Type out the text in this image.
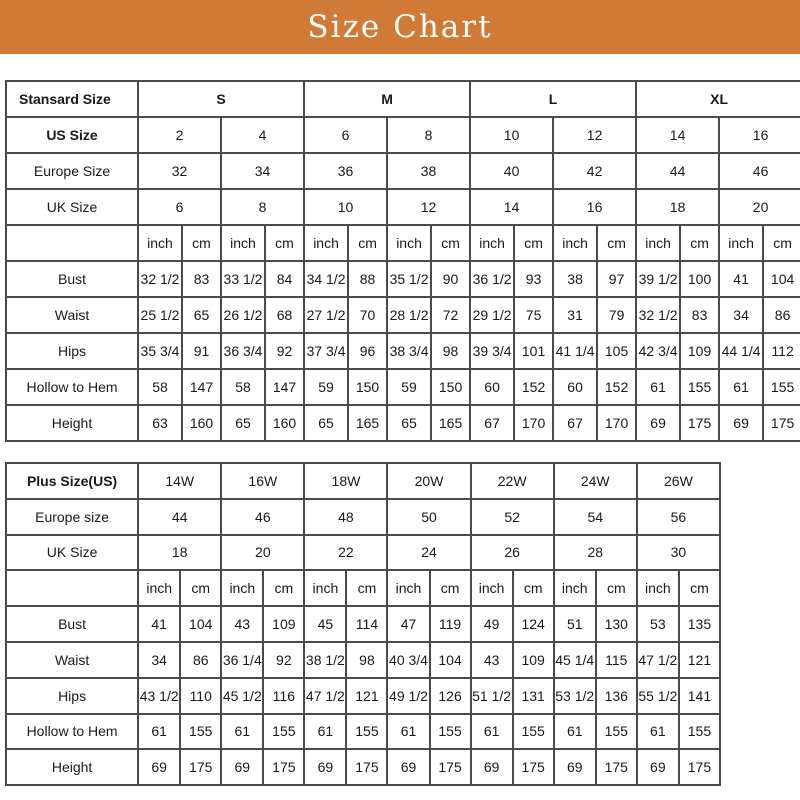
Size Chart
Stansard Size	S				M				L				XL			
US Size	2		4		6		8		10		12		14		16	
Europe Size	32		34		36		38		40		42		44		46	
UK Size	6		8		10		12		14		16		18		20	
	inch	cm	inch	cm	inch	cm	inch	cm	inch	cm	inch	cm	inch	cm	inch	cm
Bust	32 1/2	83	33 1/2	84	34 1/2	88	35 1/2	90	36 1/2	93	38	97	39 1/2	100	41	104
Waist	25 1/2	65	26 1/2	68	27 1/2	70	28 1/2	72	29 1/2	75	31	79	32 1/2	83	34	86
Hips	35 3/4	91	36 3/4	92	37 3/4	96	38 3/4	98	39 3/4	101	41 1/4	105	42 3/4	109	44 1/4	112
Hollow to Hem	58	147	58	147	59	150	59	150	60	152	60	152	61	155	61	155
Height	63	160	65	160	65	165	65	165	67	170	67	170	69	175	69	175
Plus Size(US)	14W		16W		18W		20W		22W		24W		26W	
Europe size	44		46		48		50		52		54		56	
UK Size	18		20		22		24		26		28		30	
	inch	cm	inch	cm	inch	cm	inch	cm	inch	cm	inch	cm	inch	cm
Bust	41	104	43	109	45	114	47	119	49	124	51	130	53	135
Waist	34	86	36 1/4	92	38 1/2	98	40 3/4	104	43	109	45 1/4	115	47 1/2	121
Hips	43 1/2	110	45 1/2	116	47 1/2	121	49 1/2	126	51 1/2	131	53 1/2	136	55 1/2	141
Hollow to Hem	61	155	61	155	61	155	61	155	61	155	61	155	61	155
Height	69	175	69	175	69	175	69	175	69	175	69	175	69	175
